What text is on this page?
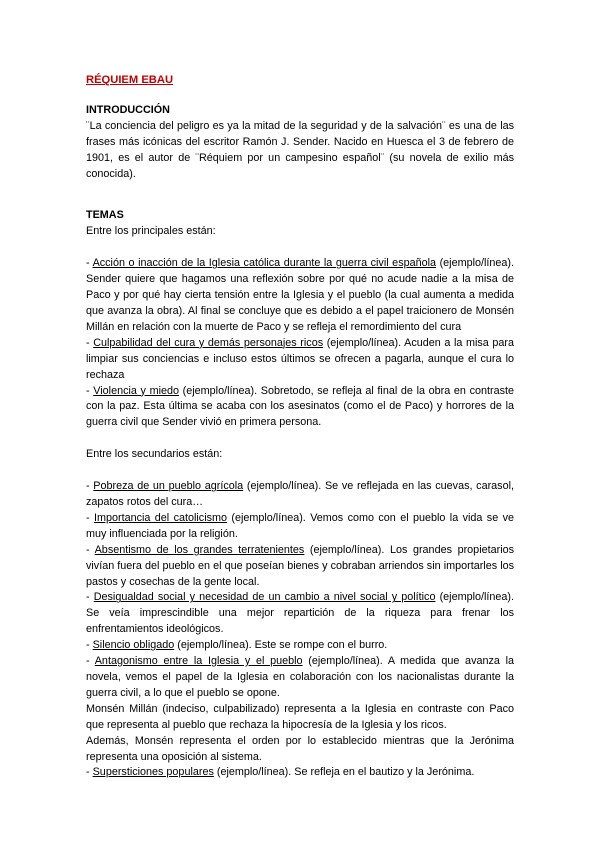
RÉQUIEM EBAU
INTRODUCCIÓN

¨La conciencia del peligro es ya la mitad de la seguridad y de la salvación¨ es una de las frases más icónicas del escritor Ramón J. Sender. Nacido en Huesca el 3 de febrero de 1901, es el autor de ¨Réquiem por un campesino español¨ (su novela de exilio más conocida).

TEMAS

Entre los principales están:

- Acción o inacción de la Iglesia católica durante la guerra civil española (ejemplo/línea). Sender quiere que hagamos una reflexión sobre por qué no acude nadie a la misa de Paco y por qué hay cierta tensión entre la Iglesia y el pueblo (la cual aumenta a medida que avanza la obra). Al final se concluye que es debido a el papel traicionero de Monsén Millán en relación con la muerte de Paco y se refleja el remordimiento del cura

- Culpabilidad del cura y demás personajes ricos (ejemplo/línea). Acuden a la misa para limpiar sus conciencias e incluso estos últimos se ofrecen a pagarla, aunque el cura lo rechaza

- Violencia y miedo (ejemplo/línea). Sobretodo, se refleja al final de la obra en contraste con la paz. Esta última se acaba con los asesinatos (como el de Paco) y horrores de la guerra civil que Sender vivió en primera persona.

Entre los secundarios están:

- Pobreza de un pueblo agrícola (ejemplo/línea). Se ve reflejada en las cuevas, carasol, zapatos rotos del cura…

- Importancia del catolicismo (ejemplo/línea). Vemos como con el pueblo la vida se ve muy influenciada por la religión.

- Absentismo de los grandes terratenientes (ejemplo/línea). Los grandes propietarios vivían fuera del pueblo en el que poseían bienes y cobraban arriendos sin importarles los pastos y cosechas de la gente local.

- Desigualdad social y necesidad de un cambio a nivel social y político (ejemplo/línea). Se veía imprescindible una mejor repartición de la riqueza para frenar los enfrentamientos ideológicos.

- Silencio obligado (ejemplo/línea). Este se rompe con el burro.

- Antagonismo entre la Iglesia y el pueblo (ejemplo/línea). A medida que avanza la novela, vemos el papel de la Iglesia en colaboración con los nacionalistas durante la guerra civil, a lo que el pueblo se opone.

Monsén Millán (indeciso, culpabilizado) representa a la Iglesia en contraste con Paco que representa al pueblo que rechaza la hipocresía de la Iglesia y los ricos.

Además, Monsén representa el orden por lo establecido mientras que la Jerónima representa una oposición al sistema.

- Supersticiones populares (ejemplo/línea). Se refleja en el bautizo y la Jerónima.
